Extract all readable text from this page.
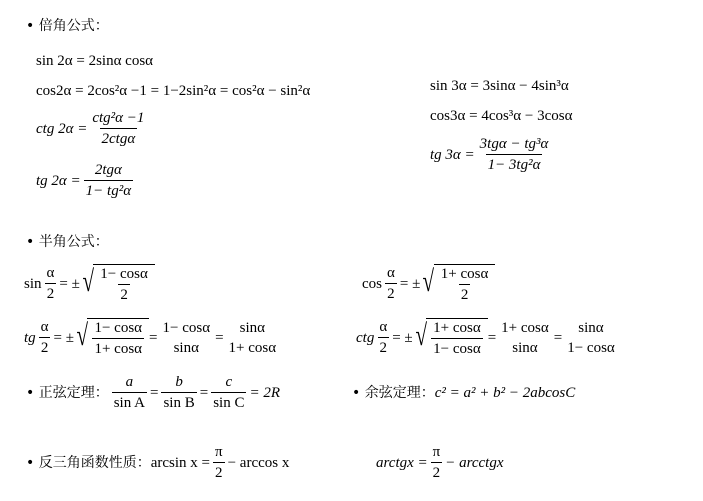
• 倍角公式：
sin 2α = 2sinα cosα
cos2α = 2cos²α −1 = 1−2sin²α = cos²α − sin²α
ctg $2\alpha = \frac{\text{ctg²α −1}}{\text{2ctgα}}$
tg $2\alpha = \frac{\text{2tgα}}{\text{1− tg²α}}$
sin 3α = 3sinα − 4sin³α
cos3α = 4cos³α − 3cosα
tg $3\alpha = \frac{\text{3tgα − tg³α}}{\text{1− 3tg²α}}$
• 半角公式：
$\sin \frac{\alpha}{2}$ = ± √ $\frac{1- \cos\alpha}{2}$	$\cos \frac{\alpha}{2}$ = ± √ $\frac{1+ \cos\alpha}{2}$
tg $\frac{\alpha}{2}$ = ± √ $\frac{1- \cos\alpha}{1+ \cos\alpha}$ =
1− cosα
sinα
=
sinα
1+ cosα
ctg $\frac{\alpha}{2}$ = ± √ $\frac{1+ \cos\alpha}{1- \cos\alpha}$ =
1+ cosα
sinα
=
sinα
1− cosα
• 正弦定理： $\frac{a}{\text{sin A}} = \frac{b}{\text{sin B}} = \frac{c}{\text{sin C}} = 2R$	• 余弦定理： c² = a² + b² − 2abcosC
• 反三角函数性质： $\arcsin x = \frac{\pi}{2} - \arccos x$	arctgx = $\frac{\pi}{2}$ − arcctgx
